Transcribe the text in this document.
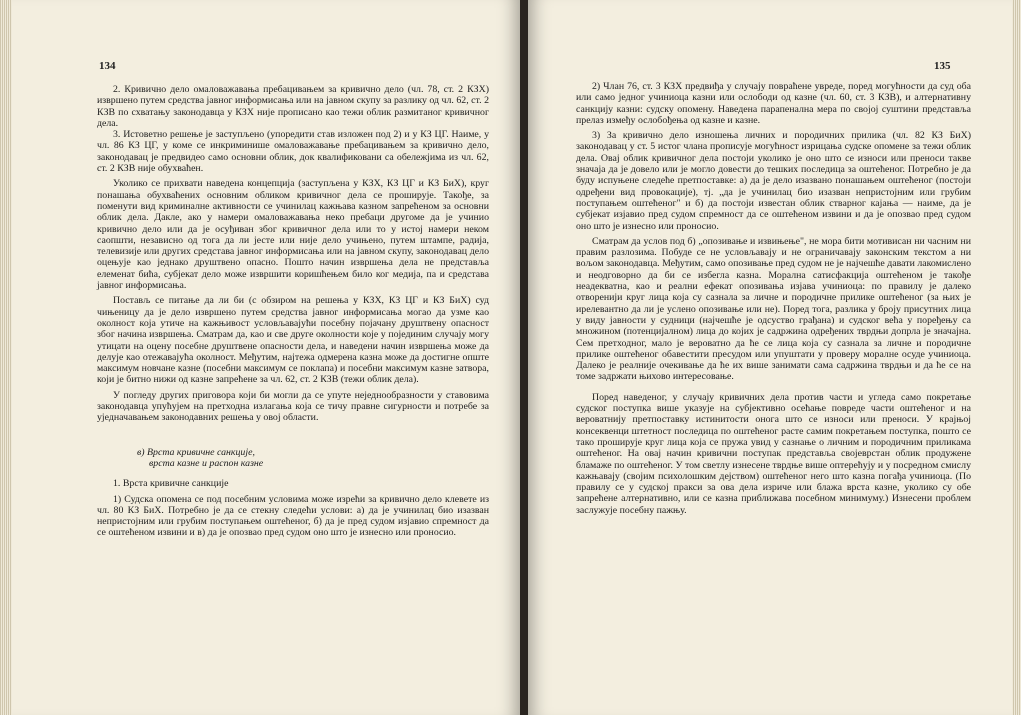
134

2. Кривично дело омаловажавања пребацивањем за кривично дело (чл. 78, ст. 2 КЗХ) извршено путем средства јавног информисања или на јавном скупу за разлику од чл. 62, ст. 2 КЗВ по схватању законодавца у КЗХ није прописано као тежи облик размитаног кривичног дела.

3. Истоветно решење је заступљено (упоредити став изложен под 2) и у КЗ ЦГ. Наиме, у чл. 86 КЗ ЦГ, у коме се инкриминише омаловажавање пребацивањем за кривично дело, законодавац је предвидео само основни облик, док квалификовани са обележјима из чл. 62, ст. 2 КЗВ није обухваћен.

Уколико се прихвати наведена концепција (заступљена у КЗХ, КЗ ЦГ и КЗ БиХ), круг понашања обухваћених основним обликом кривичног дела се проширује. Такође, за поменути вид криминалне активности се учинилац кажњава казном запрећеном за основни облик дела. Дакле, ако у намери омаловажавања неко пребаци другоме да је учинио кривично дело или да је осуђиван због кривичног дела или то у истој намери неком саопшти, независно од тога да ли јесте или није дело учињено, путем штампе, радија, телевизије или других средстава јавног информисања или на јавном скупу, законодавац дело оцењује као једнако друштвено опасно. Пошто начин извршења дела не представља елеменат бића, субјекат дело може извршити коришћењем било ког медија, па и средстава јавног информисања.

Постављ се питање да ли би (с обзиром на решења у КЗХ, КЗ ЦГ и КЗ БиХ) суд чињеницу да је дело извршено путем средства јавног информисања могао да узме као околност која утиче на кажњивост условљавајући посебну појачану друштвену опасност због начина извршења. Сматрам да, као и све друге околности које у појединим случају могу утицати на оцену посебне друштвене опасности дела, и наведени начин извршења може да делује као отежавајућа околност. Међутим, најтежа одмерена казна може да достигне опште максимум новчане казне (посебни максимум се поклапа) и посебни максимум казне затвора, који је битно нижи од казне запрећене за чл. 62, ст. 2 КЗВ (тежи облик дела).

У погледу других приговора који би могли да се упуте неједнообразности у ставовима законодавца упућујем на претходна излагања која се тичу правне сигурности и потребе за уједначавањем законодавних решења у овој области.

в) Врста кривичне санкције,
врста казне и распон казне
1. Врста кривичне санкције

1) Судска опомена се под посебним условима може изрећи за кривично дело клевете из чл. 80 КЗ БиХ. Потребно је да се стекну следећи услови: а) да је учинилац био изазван непристојним или грубим поступањем оштећеног, б) да је пред судом изјавио спремност да се оштећеном извини и в) да је опозвао пред судом оно што је изнесно или проносио.

135

2) Члан 76, ст. 3 КЗХ предвиђа у случају повраћене увреде, поред могућности да суд оба или само једног учиниоца казни или ослободи од казне (чл. 60, ст. 3 КЗВ), и алтернативну санкцију казни: судску опомену. Наведена парапенална мера по својој суштини представља прелаз између ослобођења од казне и казне.

3) За кривично дело изношења личних и породичних прилика (чл. 82 КЗ БиХ) законодавац у ст. 5 истог члана прописује могућност изрицања судске опомене за тежи облик дела. Овај облик кривичног дела постоји уколико је оно што се износи или преноси такве значаја да је довело или је могло довести до тешких последица за оштећеног. Потребно је да буду испуњене следеће претпоставке: а) да је дело изазвано понашањем оштећеног (постоји одређени вид провокације), тј. „да је учинилац био изазван непристојним или грубим поступањем оштећеног" и б) да постоји известан облик стварног кајања — наиме, да је субјекат изјавио пред судом спремност да се оштећеном извини и да је опозвао пред судом оно што је изнесно или проносио.

Сматрам да услов под б) „опозивање и извињење", не мора бити мотивисан ни часним ни правим разлозима. Побуде се не условљавају и не ограничавају законским текстом а ни вољом законодавца. Међутим, само опозивање пред судом не је најчешће давати лакомислено и неодговорно да би се избегла казна. Морална сатисфакција оштећеном је такође неадекватна, као и реални ефекат опозивања изјава учиниоца: по правилу је далеко отворенији круг лица која су сазнала за личне и породичне прилике оштећеног (за њих је ирелевантно да ли је услено опозивање или не). Поред тога, разлика у броју присутних лица у виду јавности у судници (најчешће је одсуство грађана) и судског већа у поређењу са множином (потенцијалном) лица до којих је садржина одређених тврдњи допрла је значајна. Сем претходног, мало је вероватно да ће се лица која су сазнала за личне и породичне прилике оштећеног обавестити пресудом или упуштати у проверу моралне осуде учиниоца. Далеко је реалније очекивање да ће их више занимати сама садржина тврдњи и да ће се на томе задржати њихово интересовање.

Поред наведеног, у случају кривичних дела против части и угледа само покретање судског поступка више указује на субјективно осећање повреде части оштећеног и на вероватнију претпоставку истинитости онога што се износи или преноси. У крајњој консеквенци штетност последица по оштећеног расте самим покретањем поступка, пошто се тако проширује круг лица која се пружа увид у сазнање о личним и породичним приликама оштећеног. На овај начин кривични поступак представља својеврстан облик продужене бламаже по оштећеног. У том светлу изнесене тврдње више оптерећују и у посредном смислу кажњавају (својим психолошким дејством) оштећеног него што казна погађа учиниоца. (По правилу се у судској пракси за ова дела изриче или блажа врста казне, уколико су обе запрећене алтернативно, или се казна приближава посебном минимуму.) Изнесени проблем заслужује посебну пажњу.
